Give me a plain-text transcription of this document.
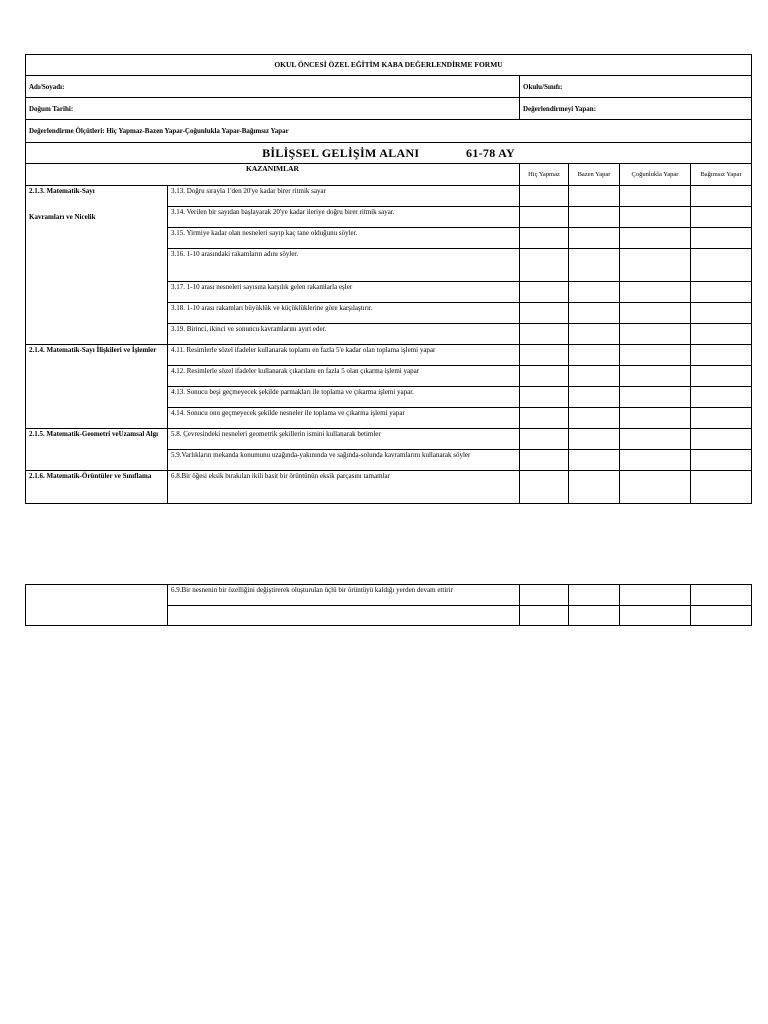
OKUL ÖNCESİ ÖZEL EĞİTİM KABA DEĞERLENDİRME FORMU					
Adı/Soyadı:		Okulu/Sınıfı:			
Doğum Tarihi:		Değerlendirmeyi Yapan:			
Değerlendirme Ölçütleri: Hiç Yapmaz-Bazen Yapar-Çoğunlukla Yapar-Bağımsız Yapar					
BİLİŞSEL GELİŞİM ALANI 61-78 AY					
KAZANIMLAR		Hiç Yapmaz	Bazen Yapar	Çoğunlukla Yapar	Bağımsız Yapar
2.1.3. Matematik-Sayı
Kavramları ve Nicelik	3.13. Doğru sırayla 1'den 20'ye kadar birer ritmik sayar				
	3.14. Verilen bir sayıdan başlayarak 20'ye kadar ileriye doğru birer ritmik sayar.				
	3.15. Yirmiye kadar olan nesneleri sayıp kaç tane olduğunu söyler.				
	3.16. 1-10 arasındaki rakamların adını söyler.				
	3.17. 1-10 arası nesneleri sayısına karşılık gelen rakamlarla eşler				
	3.18. 1-10 arası rakamları büyüklük ve küçüklüklerine göre karşılaştırır.				
	3.19. Birinci, ikinci ve sonuncu kavramlarını ayırt eder.				
2.1.4. Matematik-Sayı İlişkileri ve İşlemler	4.11. Resimlerle sözel ifadeler kullanarak toplamı en fazla 5'e kadar olan toplama işlemi yapar				
	4.12. Resimlerle sözel ifadeler kullanarak çıkarılanı en fazla 5 olan çıkarma işlemi yapar				
	4.13. Sonucu beşi geçmeyecek şekilde parmakları ile toplama ve çıkarma işlemi yapar.				
	4.14. Sonucu onu geçmeyecek şekilde nesneler ile toplama ve çıkarma işlemi yapar				
2.1.5. Matematik-Geometri veUzamsal Algı	5.8. Çevresindeki nesneleri geometrik şekillerin ismini kullanarak betimler				
	5.9.Varlıkların mekanda konumunu uzağında-yakınında ve sağında-solunda kavramlarını kullanarak söyler				
2.1.6. Matematik-Örüntüler ve Sınıflama	6.8.Bir öğesi eksik bırakılan ikili basit bir örüntünün eksik parçasını tamamlar				
	6.9.Bir nesnenin bir özelliğini değiştirerek oluşturulan üçlü bir örüntüyü kaldığı yerden devam ettirir				
